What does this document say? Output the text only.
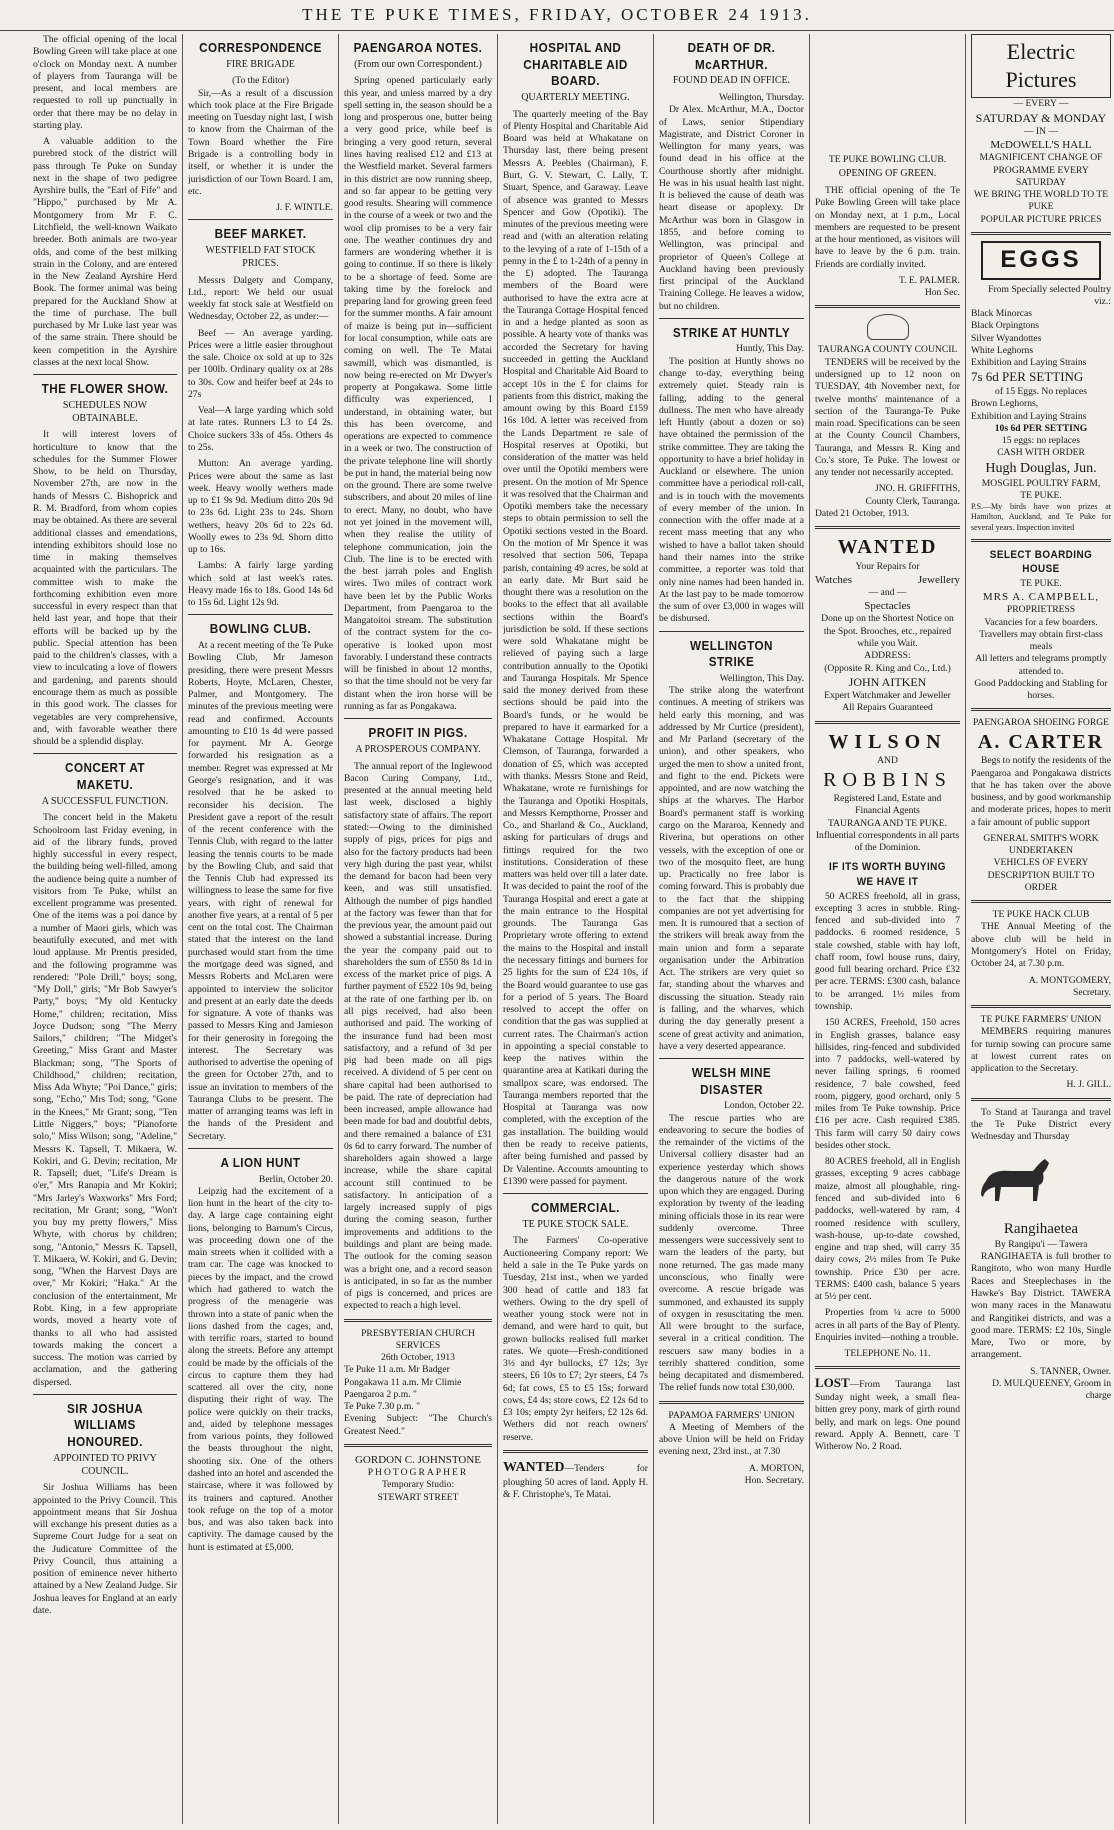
THE TE PUKE TIMES, FRIDAY, OCTOBER 24 1913.

The official opening of the local Bowling Green will take place at one o'clock on Monday next. A number of players from Tauranga will be present, and local members are requested to roll up punctually in order that there may be no delay in starting play.

A valuable addition to the purebred stock of the district will pass through Te Puke on Sunday next in the shape of two pedigree Ayrshire bulls, the "Earl of Fife" and "Hippo," purchased by Mr A. Montgomery from Mr F. C. Litchfield, the well-known Waikato breeder. Both animals are two-year olds, and come of the best milking strain in the Colony, and are entered in the New Zealand Ayrshire Herd Book. The former animal was being prepared for the Auckland Show at the time of purchase. The bull purchased by Mr Luke last year was of the same strain. There should be keen competition in the Ayrshire classes at the next local Show.

THE FLOWER SHOW.
SCHEDULES NOW OBTAINABLE.

It will interest lovers of horticulture to know that the schedules for the Summer Flower Show, to be held on Thursday, November 27th, are now in the hands of Messrs C. Bishoprick and R. M. Bradford, from whom copies may be obtained. As there are several additional classes and emendations, intending exhibitors should lose no time in making themselves acquainted with the particulars. The committee wish to make the forthcoming exhibition even more successful in every respect than that held last year, and hope that their efforts will be backed up by the public. Special attention has been paid to the children's classes, with a view to inculcating a love of flowers and gardening, and parents should encourage them as much as possible in this good work. The classes for vegetables are very comprehensive, and, with favorable weather there should be a splendid display.

CONCERT AT MAKETU.
A SUCCESSFUL FUNCTION.

The concert held in the Maketu Schoolroom last Friday evening, in aid of the library funds, proved highly successful in every respect, the building being well-filled, among the audience being quite a number of visitors from Te Puke, whilst an excellent programme was presented. One of the items was a poi dance by a number of Maori girls, which was beautifully executed, and met with loud applause. Mr Prentis presided, and the following programme was rendered: "Pole Drill," boys; song, "My Doll," girls; "Mr Bob Sawyer's Party," boys; "My old Kentucky Home," children; recitation, Miss Joyce Dudson; song "The Merry Sailors," children; "The Midget's Greeting," Miss Grant and Master Blackman; song, "The Sports of Childhood," children; recitation, Miss Ada Whyte; "Poi Dance," girls; song, "Echo," Mrs Tod; song, "Gone in the Knees," Mr Grant; song, "Ten Little Niggers," boys; "Pianoforte solo," Miss Wilson; song, "Adeline," Messrs K. Tapsell, T. Mikaera, W. Kokiri, and G. Devin; recitation, Mr R. Tapsell; duet, "Life's Dream is o'er," Mrs Ranapia and Mr Kokiri; "Mrs Jarley's Waxworks" Mrs Ford; recitation, Mr Grant; song, "Won't you buy my pretty flowers," Miss Whyte, with chorus by children; song, "Antonio," Messrs K. Tapsell, T. Mikaera, W. Kokiri, and G. Devin; song, "When the Harvest Days are over," Mr Kokiri; "Haka." At the conclusion of the entertainment, Mr Robt. King, in a few appropriate words, moved a hearty vote of thanks to all who had assisted towards making the concert a success. The motion was carried by acclamation, and the gathering dispersed.

SIR JOSHUA WILLIAMS HONOURED.
APPOINTED TO PRIVY COUNCIL.

Sir Joshua Williams has been appointed to the Privy Council. This appointment means that Sir Joshua will exchange his present duties as a Supreme Court Judge for a seat on the Judicature Committee of the Privy Council, thus attaining a position of eminence never hitherto attained by a New Zealand Judge. Sir Joshua leaves for England at an early date.

CORRESPONDENCE
FIRE BRIGADE
(To the Editor)

Sir,—As a result of a discussion which took place at the Fire Brigade meeting on Tuesday night last, I wish to know from the Chairman of the Town Board whether the Fire Brigade is a controlling body in itself, or whether it is under the jurisdiction of our Town Board. I am, etc.

J. F. WINTLE.
BEEF MARKET.
WESTFIELD FAT STOCK PRICES.

Messrs Dalgety and Company, Ltd., report: We held our usual weekly fat stock sale at Westfield on Wednesday, October 22, as under:—

Beef — An average yarding. Prices were a little easier throughout the sale. Choice ox sold at up to 32s per 100lb. Ordinary quality ox at 28s to 30s. Cow and heifer beef at 24s to 27s

Veal—A large yarding which sold at late rates. Runners L3 to £4 2s. Choice suckers 33s of 45s. Others 4s to 25s.

Mutton: An average yarding. Prices were about the same as last week. Heavy woolly wethers made up to £1 9s 9d. Medium ditto 20s 9d to 23s 6d. Light 23s to 24s. Shorn wethers, heavy 20s 6d to 22s 6d. Woolly ewes to 23s 9d. Shorn ditto up to 16s.

Lambs: A fairly large yarding which sold at last week's rates. Heavy made 16s to 18s. Good 14s 6d to 15s 6d. Light 12s 9d.

BOWLING CLUB.

At a recent meeting of the Te Puke Bowling Club, Mr Jameson presiding, there were present Messrs Roberts, Hoyte, McLaren, Chester, Palmer, and Montgomery. The minutes of the previous meeting were read and confirmed. Accounts amounting to £10 1s 4d were passed for payment. Mr A. George forwarded his resignation as a member. Regret was expressed at Mr George's resignation, and it was resolved that he be asked to reconsider his decision. The President gave a report of the result of the recent conference with the Tennis Club, with regard to the latter leasing the tennis courts to be made by the Bowling Club, and said that the Tennis Club had expressed its willingness to lease the same for five years, with right of renewal for another five years, at a rental of 5 per cent on the total cost. The Chairman stated that the interest on the land purchased would start from the time the mortgage deed was signed, and Messrs Roberts and McLaren were appointed to interview the solicitor and present at an early date the deeds for signature. A vote of thanks was passed to Messrs King and Jamieson for their generosity in foregoing the interest. The Secretary was authorised to advertise the opening of the green for October 27th, and to issue an invitation to members of the Tauranga Clubs to be present. The matter of arranging teams was left in the hands of the President and Secretary.

A LION HUNT
Berlin, October 20.

Leipzig had the excitement of a lion hunt in the heart of the city to-day. A large cage containing eight lions, belonging to Barnum's Circus, was proceeding down one of the main streets when it collided with a tram car. The cage was knocked to pieces by the impact, and the crowd which had gathered to watch the progress of the menagerie was thrown into a state of panic when the lions dashed from the cages, and, with terrific roars, started to bound along the streets. Before any attempt could be made by the officials of the circus to capture them they had scattered all over the city, none disputing their right of way. The police were quickly on their tracks, and, aided by telephone messages from various points, they followed the beasts throughout the night, shooting six. One of the others dashed into an hotel and ascended the staircase, where it was followed by its trainers and captured. Another took refuge on the top of a motor bus, and was also taken back into captivity. The damage caused by the hunt is estimated at £5,000.

PAENGAROA NOTES.
(From our own Correspondent.)

Spring opened particularly early this year, and unless marred by a dry spell setting in, the season should be a long and prosperous one, butter being a very good price, while beef is bringing a very good return, several lines having realised £12 and £13 at the Westfield market. Several farmers in this district are now running sheep, and so far appear to be getting very good results. Shearing will commence in the course of a week or two and the wool clip promises to be a very fair one. The weather continues dry and farmers are wondering whether it is going to continue. If so there is likely to be a shortage of feed. Some are taking time by the forelock and preparing land for growing green feed for the summer months. A fair amount of maize is being put in—sufficient for local consumption, while oats are coming on well. The Te Matai sawmill, which was dismantled, is now being re-erected on Mr Dwyer's property at Pongakawa. Some little difficulty was experienced, I understand, in obtaining water, but this has been overcome, and operations are expected to commence in a week or two. The construction of the private telephone line will shortly be put in hand, the material being now on the ground. There are some twelve subscribers, and about 20 miles of line to erect. Many, no doubt, who have not yet joined in the movement will, when they realise the utility of telephone communication, join the Club. The line is to be erected with the best jarrah poles and English wires. Two miles of contract work have been let by the Public Works Department, from Paengaroa to the Mangatoitoi stream. The substitution of the contract system for the co-operative is looked upon most favorably. I understand these contracts will be finished in about 12 months, so that the time should not be very far distant when the iron horse will be running as far as Pongakawa.

PROFIT IN PIGS.
A PROSPEROUS COMPANY.

The annual report of the Inglewood Bacon Curing Company, Ltd., presented at the annual meeting held last week, disclosed a highly satisfactory state of affairs. The report stated:—Owing to the diminished supply of pigs, prices for pigs and also for the factory products had been very high during the past year, whilst the demand for bacon had been very keen, and was still unsatisfied. Although the number of pigs handled at the factory was fewer than that for the previous year, the amount paid out showed a substantial increase. During the year the company paid out to shareholders the sum of £550 8s 1d in excess of the market price of pigs. A further payment of £522 10s 9d, being at the rate of one farthing per lb. on all pigs received, had also been authorised and paid. The working of the insurance fund had been most satisfactory, and a refund of 3d per pig had been made on all pigs received. A dividend of 5 per cent on share capital had been authorised to be paid. The rate of depreciation had been increased, ample allowance had been made for bad and doubtful debts, and there remained a balance of £31 0s 6d to carry forward. The number of shareholders again showed a large increase, while the share capital account still continued to be satisfactory. In anticipation of a largely increased supply of pigs during the coming season, further improvements and additions to the buildings and plant are being made. The outlook for the coming season was a bright one, and a record season is anticipated, in so far as the number of pigs is concerned, and prices are expected to reach a high level.

PRESBYTERIAN CHURCH SERVICES
26th October, 1913
Te Puke 11 a.m. Mr Badger
Pongakawa 11 a.m. Mr Climie
Paengaroa 2 p.m. "
Te Puke 7.30 p.m. "
Evening Subject: "The Church's Greatest Need."
GORDON C. JOHNSTONE
PHOTOGRAPHER
Temporary Studio:
STEWART STREET
HOSPITAL AND CHARITABLE AID BOARD.
QUARTERLY MEETING.

The quarterly meeting of the Bay of Plenty Hospital and Charitable Aid Board was held at Whakatane on Thursday last, there being present Messrs A. Peebles (Chairman), F. Burt, G. V. Stewart, C. Lally, T. Stuart, Spence, and Garaway. Leave of absence was granted to Messrs Spencer and Gow (Opotiki). The minutes of the previous meeting were read and (with an alteration relating to the levying of a rate of 1-15th of a penny in the £ to 1-24th of a penny in the £) adopted. The Tauranga members of the Board were authorised to have the extra acre at the Tauranga Cottage Hospital fenced in and a hedge planted as soon as possible. A hearty vote of thanks was accorded the Secretary for having succeeded in getting the Auckland Hospital and Charitable Aid Board to accept 10s in the £ for claims for patients from this district, making the amount owing by this Board £159 16s 10d. A letter was received from the Lands Department re sale of Hospital reserves at Opotiki, but consideration of the matter was held over until the Opotiki members were present. On the motion of Mr Spence it was resolved that the Chairman and Opotiki members take the necessary steps to obtain permission to sell the Opotiki sections vested in the Board. On the motion of Mr Spence it was resolved that section 506, Tepapa parish, containing 49 acres, be sold at an early date. Mr Burt said he thought there was a resolution on the books to the effect that all available sections within the Board's jurisdiction be sold. If these sections were sold Whakatane might be relieved of paying such a large contribution annually to the Opotiki and Tauranga Hospitals. Mr Spence said the money derived from these sections should be paid into the Board's funds, or he would be prepared to have it earmarked for a Whakatane Cottage Hospital. Mr Clemson, of Tauranga, forwarded a donation of £5, which was accepted with thanks. Messrs Stone and Reid, Whakatane, wrote re furnishings for the Tauranga and Opotiki Hospitals, and Messrs Kempthorne, Prosser and Co., and Sharland & Co., Auckland, asking for particulars of drugs and fittings required for the two institutions. Consideration of these matters was held over till a later date. It was decided to paint the roof of the Tauranga Hospital and erect a gate at the main entrance to the Hospital grounds. The Tauranga Gas Proprietary wrote offering to extend the mains to the Hospital and install the necessary fittings and burners for 25 lights for the sum of £24 10s, if the Board would guarantee to use gas for a period of 5 years. The Board resolved to accept the offer on condition that the gas was supplied at current rates. The Chairman's action in appointing a special constable to keep the natives within the quarantine area at Katikati during the smallpox scare, was endorsed. The Tauranga members reported that the Hospital at Tauranga was now completed, with the exception of the gas installation. The building would then be ready to receive patients, after being furnished and passed by Dr Valentine. Accounts amounting to £1390 were passed for payment.

COMMERCIAL.
TE PUKE STOCK SALE.

The Farmers' Co-operative Auctioneering Company report: We held a sale in the Te Puke yards on Tuesday, 21st inst., when we yarded 300 head of cattle and 183 fat wethers. Owing to the dry spell of weather young stock were not in demand, and were hard to quit, but grown bullocks realised full market rates. We quote—Fresh-conditioned 3½ and 4yr bullocks, £7 12s; 3yr steers, £6 10s to £7; 2yr steers, £4 7s 6d; fat cows, £5 to £5 15s; forward cows, £4 4s; store cows, £2 12s 6d to £3 10s; empty 2yr heifers, £2 12s 6d. Wethers did not reach owners' reserve.

WANTED—Tenders for ploughing 50 acres of land. Apply H. & F. Christophe's, Te Matai.

DEATH OF DR. McARTHUR.
FOUND DEAD IN OFFICE.
Wellington, Thursday.

Dr Alex. McArthur, M.A., Doctor of Laws, senior Stipendiary Magistrate, and District Coroner in Wellington for many years, was found dead in his office at the Courthouse shortly after midnight. He was in his usual health last night. It is believed the cause of death was heart disease or apoplexy. Dr McArthur was born in Glasgow in 1855, and before coming to Wellington, was principal and proprietor of Queen's College at Auckland having been previously first principal of the Auckland Training College. He leaves a widow, but no children.

STRIKE AT HUNTLY
Huntly, This Day.

The position at Huntly shows no change to-day, everything being extremely quiet. Steady rain is falling, adding to the general dullness. The men who have already left Huntly (about a dozen or so) have obtained the permission of the strike committee. They are taking the opportunity to have a brief holiday in Auckland or elsewhere. The union committee have a periodical roll-call, and is in touch with the movements of every member of the union. In connection with the offer made at a recent mass meeting that any who wished to have a ballot taken should hand their names into the strike committee, a reporter was told that only nine names had been handed in. At the last pay to be made tomorrow the sum of over £3,000 in wages will be disbursed.

WELLINGTON STRIKE
Wellington, This Day.

The strike along the waterfront continues. A meeting of strikers was held early this morning, and was addressed by Mr Curtice (president), and Mr Parland (secretary of the union), and other speakers, who urged the men to show a united front, and fight to the end. Pickets were appointed, and are now watching the ships at the wharves. The Harbor Board's permanent staff is working cargo on the Mararoa, Kennedy and Riverina, but operations on other vessels, with the exception of one or two of the mosquito fleet, are hung up. Practically no free labor is coming forward. This is probably due to the fact that the shipping companies are not yet advertising for men. It is rumoured that a section of the strikers will break away from the main union and form a separate organisation under the Arbitration Act. The strikers are very quiet so far, standing about the wharves and discussing the situation. Steady rain is falling, and the wharves, which during the day generally present a scene of great activity and animation, have a very deserted appearance.

WELSH MINE DISASTER
London, October 22.

The rescue parties who are endeavoring to secure the bodies of the remainder of the victims of the Universal colliery disaster had an experience yesterday which shows the dangerous nature of the work upon which they are engaged. During exploration by twenty of the leading mining officials those in its rear were suddenly overcome. Three messengers were successively sent to warn the leaders of the party, but none returned. The gas made many unconscious, who finally were overcome. A rescue brigade was summoned, and exhausted its supply of oxygen in resuscitating the men. All were brought to the surface, several in a critical condition. The rescuers saw many bodies in a terribly shattered condition, some being decapitated and dismembered. The relief funds now total £30,000.

PAPAMOA FARMERS' UNION

A Meeting of Members of the above Union will be held on Friday evening next, 23rd inst., at 7.30

A. MORTON,
Hon. Secretary.
TE PUKE BOWLING CLUB.
OPENING OF GREEN.

THE official opening of the Te Puke Bowling Green will take place on Monday next, at 1 p.m., Local members are requested to be present at the hour mentioned, as visitors will have to leave by the 6 p.m. train. Friends are cordially invited.

T. E. PALMER.
Hon Sec.
TAURANGA COUNTY COUNCIL

TENDERS will be received by the undersigned up to 12 noon on TUESDAY, 4th November next, for twelve months' maintenance of a section of the Tauranga-Te Puke main road. Specifications can be seen at the County Council Chambers, Tauranga, and Messrs R. King and Co.'s store, Te Puke. The lowest or any tender not necessarily accepted.

JNO. H. GRIFFITHS,
County Clerk, Tauranga.
Dated 21 October, 1913.
WANTED
Your Repairs for
Watches	Jewellery
— and —
Spectacles
Done up on the Shortest Notice on the Spot. Brooches, etc., repaired while you Wait.
ADDRESS:
(Opposite R. King and Co., Ltd.)
JOHN AITKEN
Expert Watchmaker and Jeweller
All Repairs Guaranteed
WILSON
AND
ROBBINS
Registered Land, Estate and Financial Agents
TAURANGA AND TE PUKE.
Influential correspondents in all parts of the Dominion.
IF ITS WORTH BUYING WE HAVE IT

50 ACRES freehold, all in grass, excepting 3 acres in stubble. Ring-fenced and sub-divided into 7 paddocks. 6 roomed residence, 5 stale cowshed, stable with hay loft, chaff room, fowl house runs, dairy, good full bearing orchard. Price £32 per acre. TERMS: £300 cash, balance to be arranged. 1½ miles from township.

150 ACRES, Freehold, 150 acres in English grasses, balance easy hillsides, ring-fenced and subdivided into 7 paddocks, well-watered by never failing springs, 6 roomed residence, 7 bale cowshed, feed room, piggery, good orchard, only 5 miles from Te Puke township. Price £16 per acre. Cash required £385. This farm will carry 50 dairy cows besides other stock.

80 ACRES freehold, all in English grasses, excepting 9 acres cabbage maize, almost all ploughable, ring-fenced and sub-divided into 6 paddocks, well-watered by ram, 4 roomed residence with scullery, wash-house, up-to-date cowshed, engine and trap shed, will carry 35 dairy cows, 2½ miles from Te Puke township. Price £30 per acre. TERMS: £400 cash, balance 5 years at 5½ per cent.

Properties from ¼ acre to 5000 acres in all parts of the Bay of Plenty. Enquiries invited—nothing a trouble.

TELEPHONE No. 11.

LOST—From Tauranga last Sunday night week, a small flea-bitten grey pony, mark of girth round belly, and mark on legs. One pound reward. Apply A. Bennett, care T Witherow No. 2 Road.

Electric Pictures
— EVERY —
SATURDAY & MONDAY
— IN —
McDOWELL'S HALL
MAGNIFICENT CHANGE OF PROGRAMME EVERY SATURDAY
WE BRING THE WORLD TO TE PUKE
POPULAR PICTURE PRICES
EGGS
From Specially selected Poultry viz.:
Black Minorcas
Black Orpingtons
Silver Wyandottes
White Leghorns
Exhibition and Laying Strains
7s 6d PER SETTING
of 15 Eggs. No replaces
Brown Leghorns,
Exhibition and Laying Strains
10s 6d PER SETTING
15 eggs: no replaces
CASH WITH ORDER
Hugh Douglas, Jun.
MOSGIEL POULTRY FARM,
TE PUKE.
P.S.—My birds have won prizes at Hamilton, Auckland, and Te Puke for several years. Inspection invited
SELECT BOARDING HOUSE
TE PUKE.
MRS A. CAMPBELL,
PROPRIETRESS
Vacancies for a few boarders.
Travellers may obtain first-class meals
All letters and telegrams promptly attended to.
Good Paddocking and Stabling for horses.
PAENGAROA SHOEING FORGE
A. CARTER

Begs to notify the residents of the Paengaroa and Pongakawa districts that he has taken over the above business, and by good workmanship and moderate prices, hopes to merit a fair amount of public support

GENERAL SMITH'S WORK UNDERTAKEN
VEHICLES OF EVERY DESCRIPTION BUILT TO ORDER
TE PUKE HACK CLUB

THE Annual Meeting of the above club will be held in Montgomery's Hotel on Friday, October 24, at 7.30 p.m.

A. MONTGOMERY,
Secretary.
TE PUKE FARMERS' UNION

MEMBERS requiring manures for turnip sowing can procure same at lowest current rates on application to the Secretary.

H. J. GILL.

To Stand at Tauranga and travel the Te Puke District every Wednesday and Thursday

Rangihaetea
By Rangipu'i — Tawera

RANGIHAETA is full brother to Rangitoto, who won many Hurdle Races and Steeplechases in the Hawke's Bay District. TAWERA won many races in the Manawatu and Rangitikei districts, and was a good mare. TERMS: £2 10s, Single Mare, Two or more, by arrangement.

S. TANNER, Owner.
D. MULQUEENEY, Groom in charge
